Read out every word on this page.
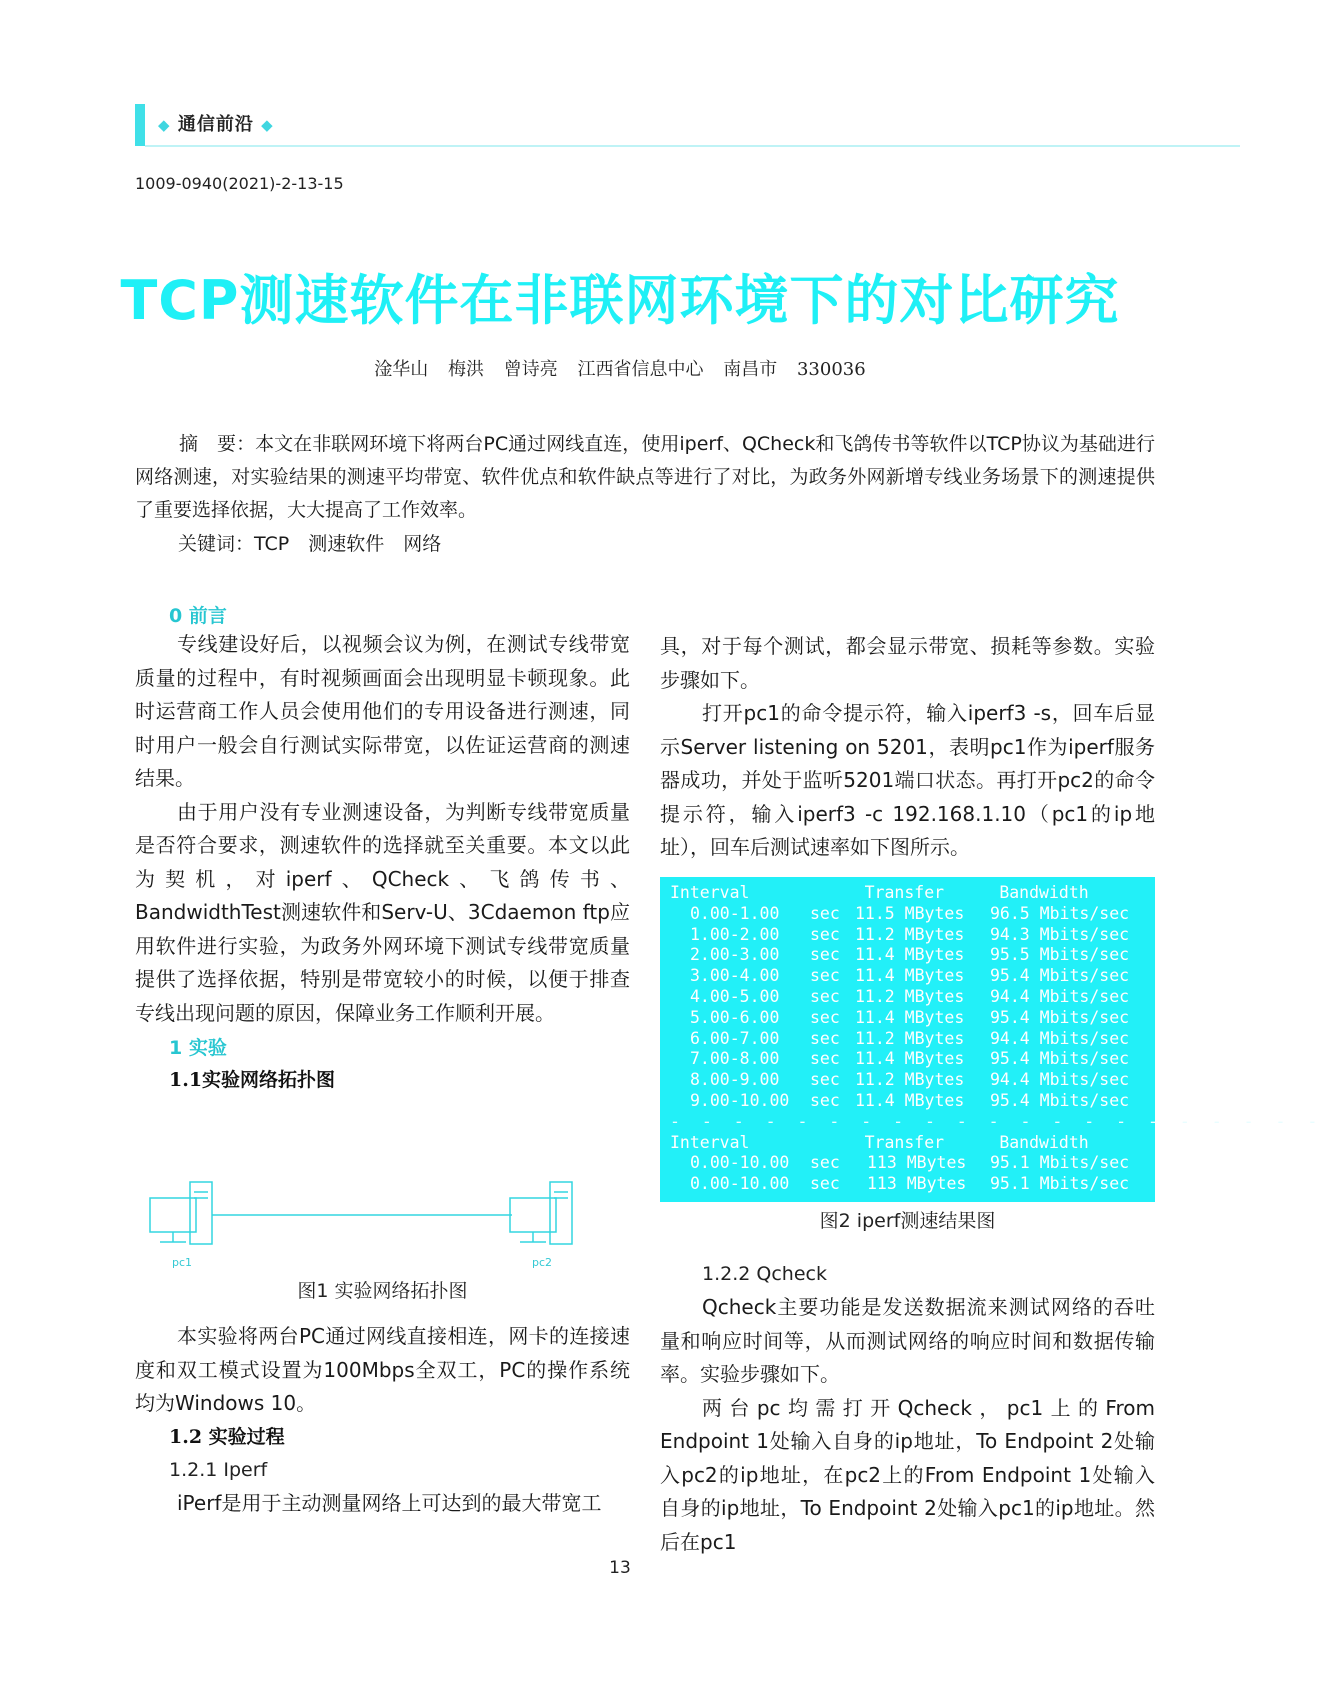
◆ 通信前沿 ◆
1009-0940(2021)-2-13-15
TCP测速软件在非联网环境下的对比研究
淦华山 梅洪 曾诗亮 江西省信息中心 南昌市 330036
摘　要：本文在非联网环境下将两台PC通过网线直连，使用iperf、QCheck和飞鸽传书等软件以TCP协议为基础进行网络测速，对实验结果的测速平均带宽、软件优点和软件缺点等进行了对比，为政务外网新增专线业务场景下的测速提供了重要选择依据，大大提高了工作效率。
关键词：TCP　测速软件　网络
0 前言

专线建设好后，以视频会议为例，在测试专线带宽质量的过程中，有时视频画面会出现明显卡顿现象。此时运营商工作人员会使用他们的专用设备进行测速，同时用户一般会自行测试实际带宽，以佐证运营商的测速结果。

由于用户没有专业测速设备，为判断专线带宽质量是否符合要求，测速软件的选择就至关重要。本文以此为契机，对iperf、QCheck、飞鸽传书、BandwidthTest测速软件和Serv-U、3Cdaemon ftp应用软件进行实验，为政务外网环境下测试专线带宽质量提供了选择依据，特别是带宽较小的时候，以便于排查专线出现问题的原因，保障业务工作顺利开展。

1 实验
1.1实验网络拓扑图
pc1	pc2
图1 实验网络拓扑图

本实验将两台PC通过网线直接相连，网卡的连接速度和双工模式设置为100Mbps全双工，PC的操作系统均为Windows 10。

1.2 实验过程
1.2.1 Iperf

iPerf是用于主动测量网络上可达到的最大带宽工

具，对于每个测试，都会显示带宽、损耗等参数。实验步骤如下。

打开pc1的命令提示符，输入iperf3 -s，回车后显示Server listening on 5201，表明pc1作为iperf服务器成功，并处于监听5201端口状态。再打开pc2的命令提示符，输入iperf3 -c 192.168.1.10（pc1的ip地址），回车后测试速率如下图所示。

Interval	Transfer	Bandwidth
0.00-1.00	sec 11.5 MBytes	96.5 Mbits/sec
1.00-2.00	sec 11.2 MBytes	94.3 Mbits/sec
2.00-3.00	sec 11.4 MBytes	95.5 Mbits/sec
3.00-4.00	sec 11.4 MBytes	95.4 Mbits/sec
4.00-5.00	sec 11.2 MBytes	94.4 Mbits/sec
5.00-6.00	sec 11.4 MBytes	95.4 Mbits/sec
6.00-7.00	sec 11.2 MBytes	94.4 Mbits/sec
7.00-8.00	sec 11.4 MBytes	95.4 Mbits/sec
8.00-9.00	sec 11.2 MBytes	94.4 Mbits/sec
9.00-10.00	sec 11.4 MBytes	95.4 Mbits/sec
- - - - - - - - - - - - - - - - - - - - -
Interval	Transfer	Bandwidth
0.00-10.00	sec	113 MBytes	95.1 Mbits/sec
0.00-10.00	sec	113 MBytes	95.1 Mbits/sec
图2 iperf测速结果图
1.2.2 Qcheck

Qcheck主要功能是发送数据流来测试网络的吞吐量和响应时间等，从而测试网络的响应时间和数据传输率。实验步骤如下。

两台pc均需打开Qcheck，pc1上的From Endpoint 1处输入自身的ip地址，To Endpoint 2处输入pc2的ip地址，在pc2上的From Endpoint 1处输入自身的ip地址，To Endpoint 2处输入pc1的ip地址。然后在pc1

13
